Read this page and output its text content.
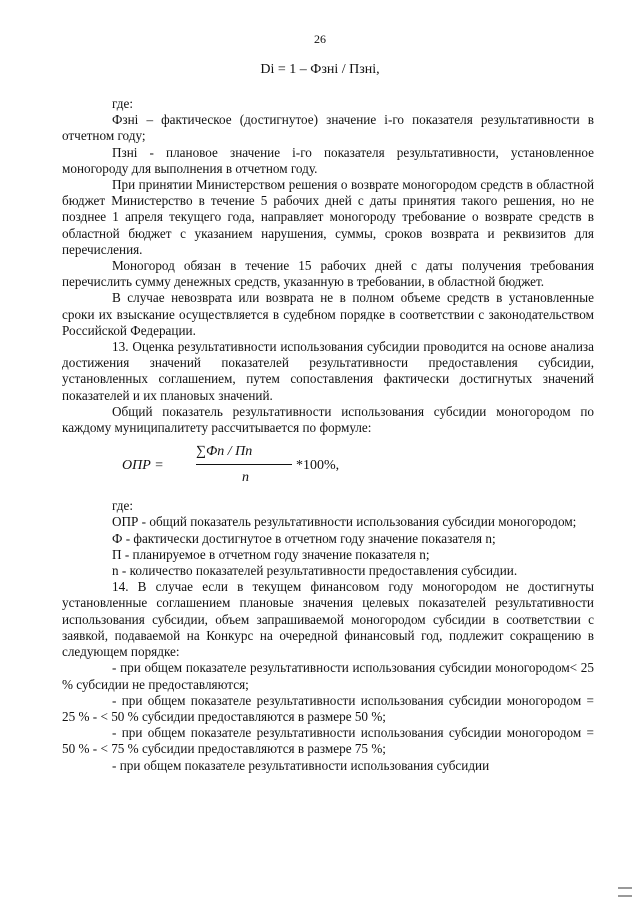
26
Di = 1 – Фзнi / Пзнi,

где:

Фзнi – фактическое (достигнутое) значение i-го показателя результативности в отчетном году;

Пзнi - плановое значение i-го показателя результативности, установленное моногороду для выполнения в отчетном году.

При принятии Министерством решения о возврате моногородом средств в областной бюджет Министерство в течение 5 рабочих дней с даты принятия такого решения, но не позднее 1 апреля текущего года, направляет моногороду требование о возврате средств в областной бюджет с указанием нарушения, суммы, сроков возврата и реквизитов для перечисления.

Моногород обязан в течение 15 рабочих дней с даты получения требования перечислить сумму денежных средств, указанную в требовании, в областной бюджет.

В случае невозврата или возврата не в полном объеме средств в установленные сроки их взыскание осуществляется в судебном порядке в соответствии с законодательством Российской Федерации.

13. Оценка результативности использования субсидии проводится на основе анализа достижения значений показателей результативности предоставления субсидии, установленных соглашением, путем сопоставления фактически достигнутых значений показателей и их плановых значений.

Общий показатель результативности использования субсидии моногородом по каждому муниципалитету рассчитывается по формуле:

ОПР =
∑Фn / Пn
n
*100%,

где:

ОПР - общий показатель результативности использования субсидии моногородом;

Ф - фактически достигнутое в отчетном году значение показателя n;

П - планируемое в отчетном году значение показателя n;

n - количество показателей результативности предоставления субсидии.

14. В случае если в текущем финансовом году моногородом не достигнуты установленные соглашением плановые значения целевых показателей результативности использования субсидии, объем запрашиваемой моногородом субсидии в соответствии с заявкой, подаваемой на Конкурс на очередной финансовый год, подлежит сокращению в следующем порядке:

- при общем показателе результативности использования субсидии моногородом< 25 % субсидии не предоставляются;

- при общем показателе результативности использования субсидии моногородом = 25 % - < 50 % субсидии предоставляются в размере 50 %;

- при общем показателе результативности использования субсидии моногородом = 50 % - < 75 % субсидии предоставляются в размере 75 %;

- при общем показателе результативности использования субсидии
